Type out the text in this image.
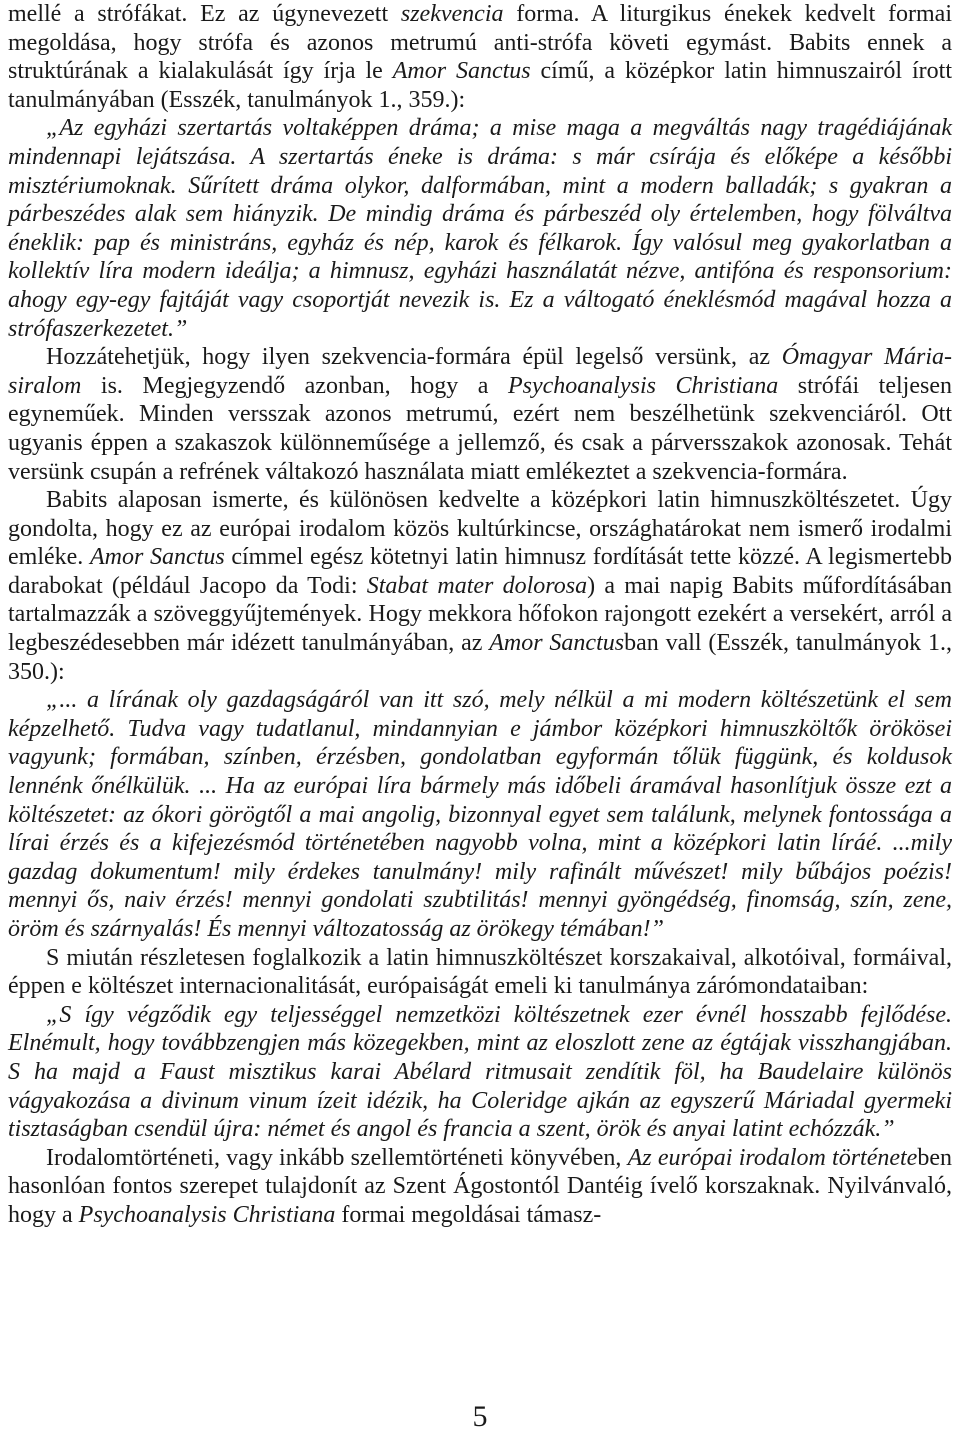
mellé a strófákat. Ez az úgynevezett szekvencia forma. A liturgikus énekek kedvelt formai megoldása, hogy strófa és azonos metrumú anti-strófa követi egymást. Babits ennek a struktúrának a kialakulását így írja le Amor Sanctus című, a középkor latin himnuszairól írott tanulmányában (Esszék, tanulmányok 1., 359.):

„Az egyházi szertartás voltaképpen dráma; a mise maga a megváltás nagy tragédiájának mindennapi lejátszása. A szertartás éneke is dráma: s már csírája és előképe a későbbi misztériumoknak. Sűrített dráma olykor, dalformában, mint a modern balladák; s gyakran a párbeszédes alak sem hiányzik. De mindig dráma és párbeszéd oly értelemben, hogy fölváltva éneklik: pap és ministráns, egyház és nép, karok és félkarok. Így valósul meg gyakorlatban a kollektív líra modern ideálja; a himnusz, egyházi használatát nézve, antifóna és responsorium: ahogy egy-egy fajtáját vagy csoportját nevezik is. Ez a váltogató éneklésmód magával hozza a strófaszerkezetet.”

Hozzátehetjük, hogy ilyen szekvencia-formára épül legelső versünk, az Ómagyar Mária-siralom is. Megjegyzendő azonban, hogy a Psychoanalysis Christiana strófái teljesen egyneműek. Minden versszak azonos metrumú, ezért nem beszélhetünk szekvenciáról. Ott ugyanis éppen a szakaszok különneműsége a jellemző, és csak a párversszakok azonosak. Tehát versünk csupán a refrének váltakozó használata miatt emlékeztet a szekvencia-formára.

Babits alaposan ismerte, és különösen kedvelte a középkori latin himnuszköltészetet. Úgy gondolta, hogy ez az európai irodalom közös kultúrkincse, országhatárokat nem ismerő irodalmi emléke. Amor Sanctus címmel egész kötetnyi latin himnusz fordítását tette közzé. A legismertebb darabokat (például Jacopo da Todi: Stabat mater dolorosa) a mai napig Babits műfordításában tartalmazzák a szöveggyűjtemények. Hogy mekkora hőfokon rajongott ezekért a versekért, arról a legbeszédesebben már idézett tanulmányában, az Amor Sanctusban vall (Esszék, tanulmányok 1., 350.):

„... a lírának oly gazdagságáról van itt szó, mely nélkül a mi modern költészetünk el sem képzelhető. Tudva vagy tudatlanul, mindannyian e jámbor középkori himnuszköltők örökösei vagyunk; formában, színben, érzésben, gondolatban egyformán tőlük függünk, és koldusok lennénk őnélkülük. ... Ha az európai líra bármely más időbeli áramával hasonlítjuk össze ezt a költészetet: az ókori görögtől a mai angolig, bizonnyal egyet sem találunk, melynek fontossága a lírai érzés és a kifejezésmód történetében nagyobb volna, mint a középkori latin líráé. ...mily gazdag dokumentum! mily érdekes tanulmány! mily rafinált művészet! mily bűbájos poézis! mennyi ős, naiv érzés! mennyi gondolati szubtilitás! mennyi gyöngédség, finomság, szín, zene, öröm és szárnyalás! És mennyi változatosság az örökegy témában!”

S miután részletesen foglalkozik a latin himnuszköltészet korszakaival, alkotóival, formáival, éppen e költészet internacionalitását, európaiságát emeli ki tanulmánya zárómondataiban:

„S így végződik egy teljességgel nemzetközi költészetnek ezer évnél hosszabb fejlődése. Elnémult, hogy továbbzengjen más közegekben, mint az eloszlott zene az égtájak visszhangjában. S ha majd a Faust misztikus karai Abélard ritmusait zendítik föl, ha Baudelaire különös vágyakozása a divinum vinum ízeit idézik, ha Coleridge ajkán az egyszerű Máriadal gyermeki tisztaságban csendül újra: német és angol és francia a szent, örök és anyai latint echózzák.”

Irodalomtörténeti, vagy inkább szellemtörténeti könyvében, Az európai irodalom történeteben hasonlóan fontos szerepet tulajdonít az Szent Ágostontól Dantéig ívelő korszaknak. Nyilvánvaló, hogy a Psychoanalysis Christiana formai megoldásai támasz-

5
